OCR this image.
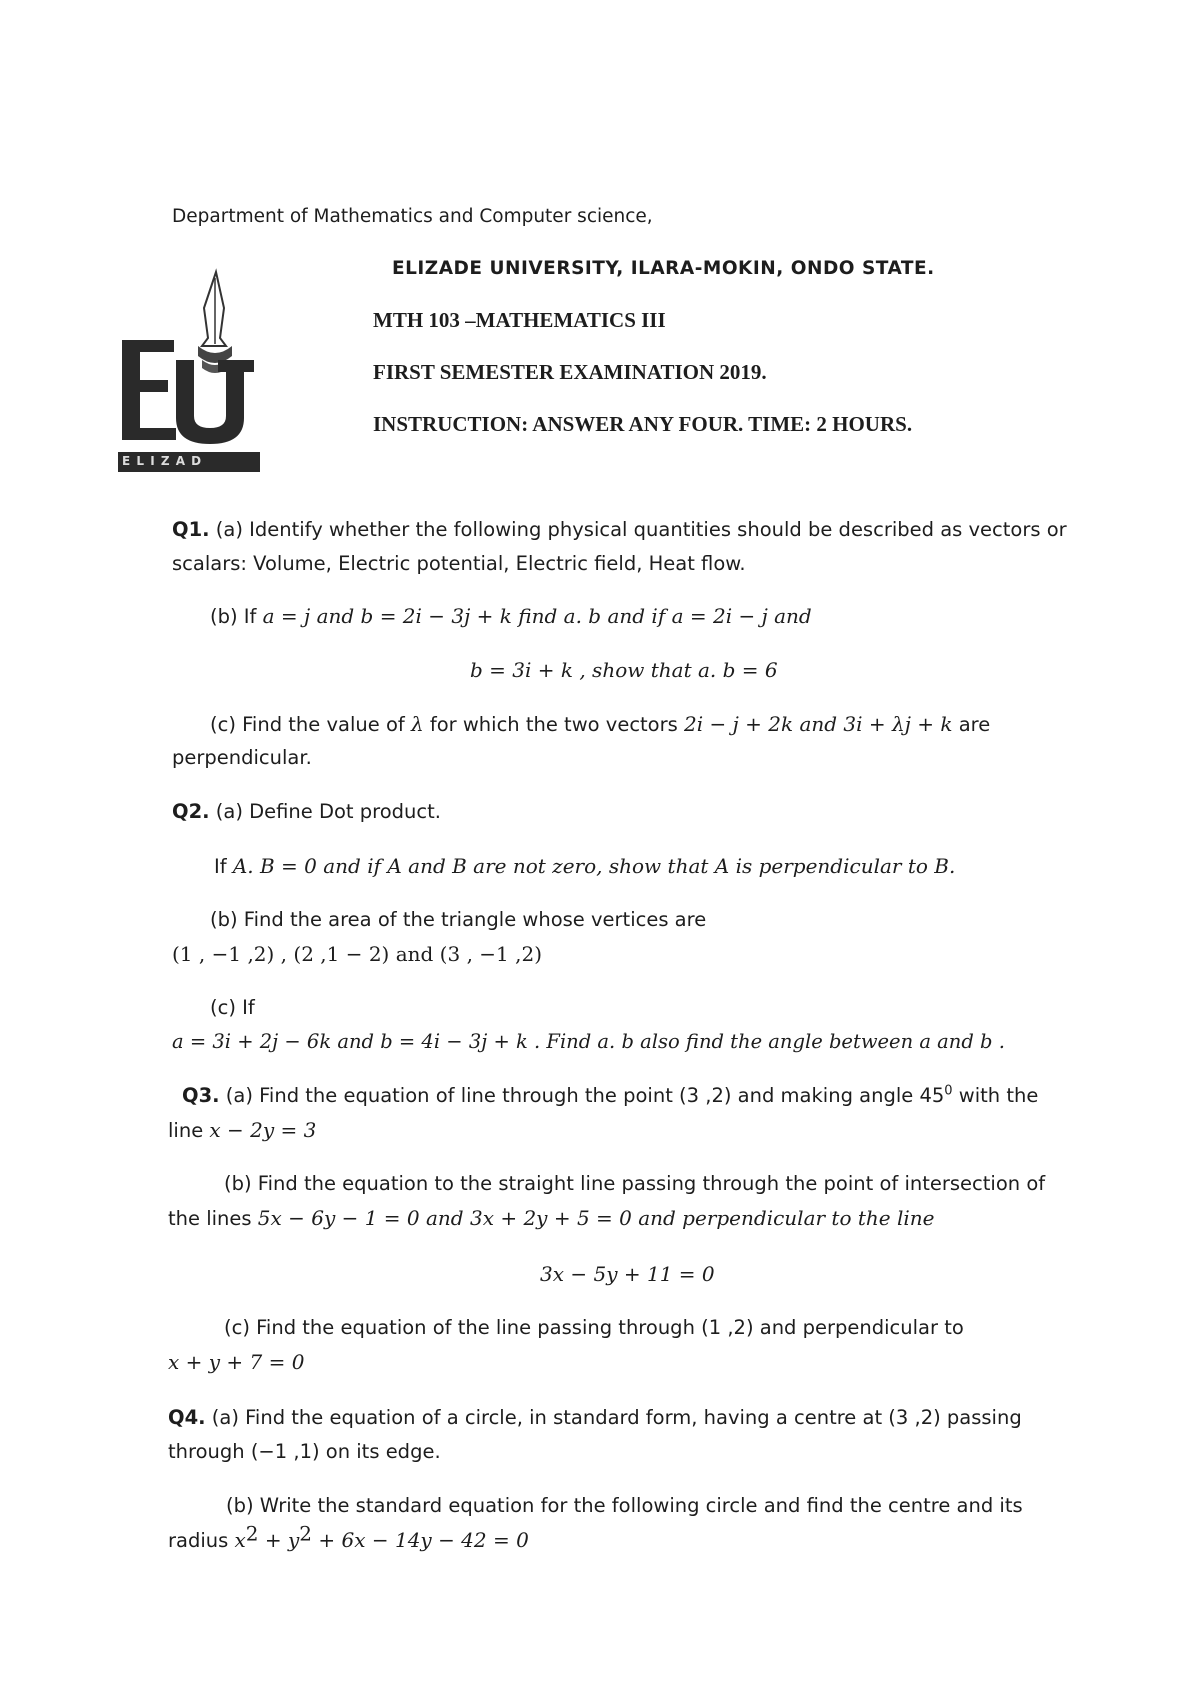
Department of Mathematics and Computer science,
E L I Z A D
ELIZADE UNIVERSITY, ILARA-MOKIN, ONDO STATE.
MTH 103 –MATHEMATICS III
FIRST SEMESTER EXAMINATION 2019.
INSTRUCTION: ANSWER ANY FOUR. TIME: 2 HOURS.
Q1. (a) Identify whether the following physical quantities should be described as vectors or
scalars: Volume, Electric potential, Electric field, Heat flow.
(b) If a = j and b = 2i − 3j + k find a. b and if a = 2i − j and
b = 3i + k , show that a. b = 6
(c) Find the value of λ for which the two vectors 2i − j + 2k and 3i + λj + k are
perpendicular.
Q2. (a) Define Dot product.
If A. B = 0 and if A and B are not zero, show that A is perpendicular to B.
(b) Find the area of the triangle whose vertices are
(1 , −1 ,2) , (2 ,1 − 2) and (3 , −1 ,2)
(c) If
a = 3i + 2j − 6k and b = 4i − 3j + k . Find a. b also find the angle between a and b .
Q3. (a) Find the equation of line through the point (3 ,2) and making angle $45^0$ with the
line x − 2y = 3
(b) Find the equation to the straight line passing through the point of intersection of
the lines 5x − 6y − 1 = 0 and 3x + 2y + 5 = 0 and perpendicular to the line
3x − 5y + 11 = 0
(c) Find the equation of the line passing through (1 ,2) and perpendicular to
x + y + 7 = 0
Q4. (a) Find the equation of a circle, in standard form, having a centre at (3 ,2) passing
through (−1 ,1) on its edge.
(b) Write the standard equation for the following circle and find the centre and its
radius $x^2 + y^2 + 6x - 14y - 42 = 0$
